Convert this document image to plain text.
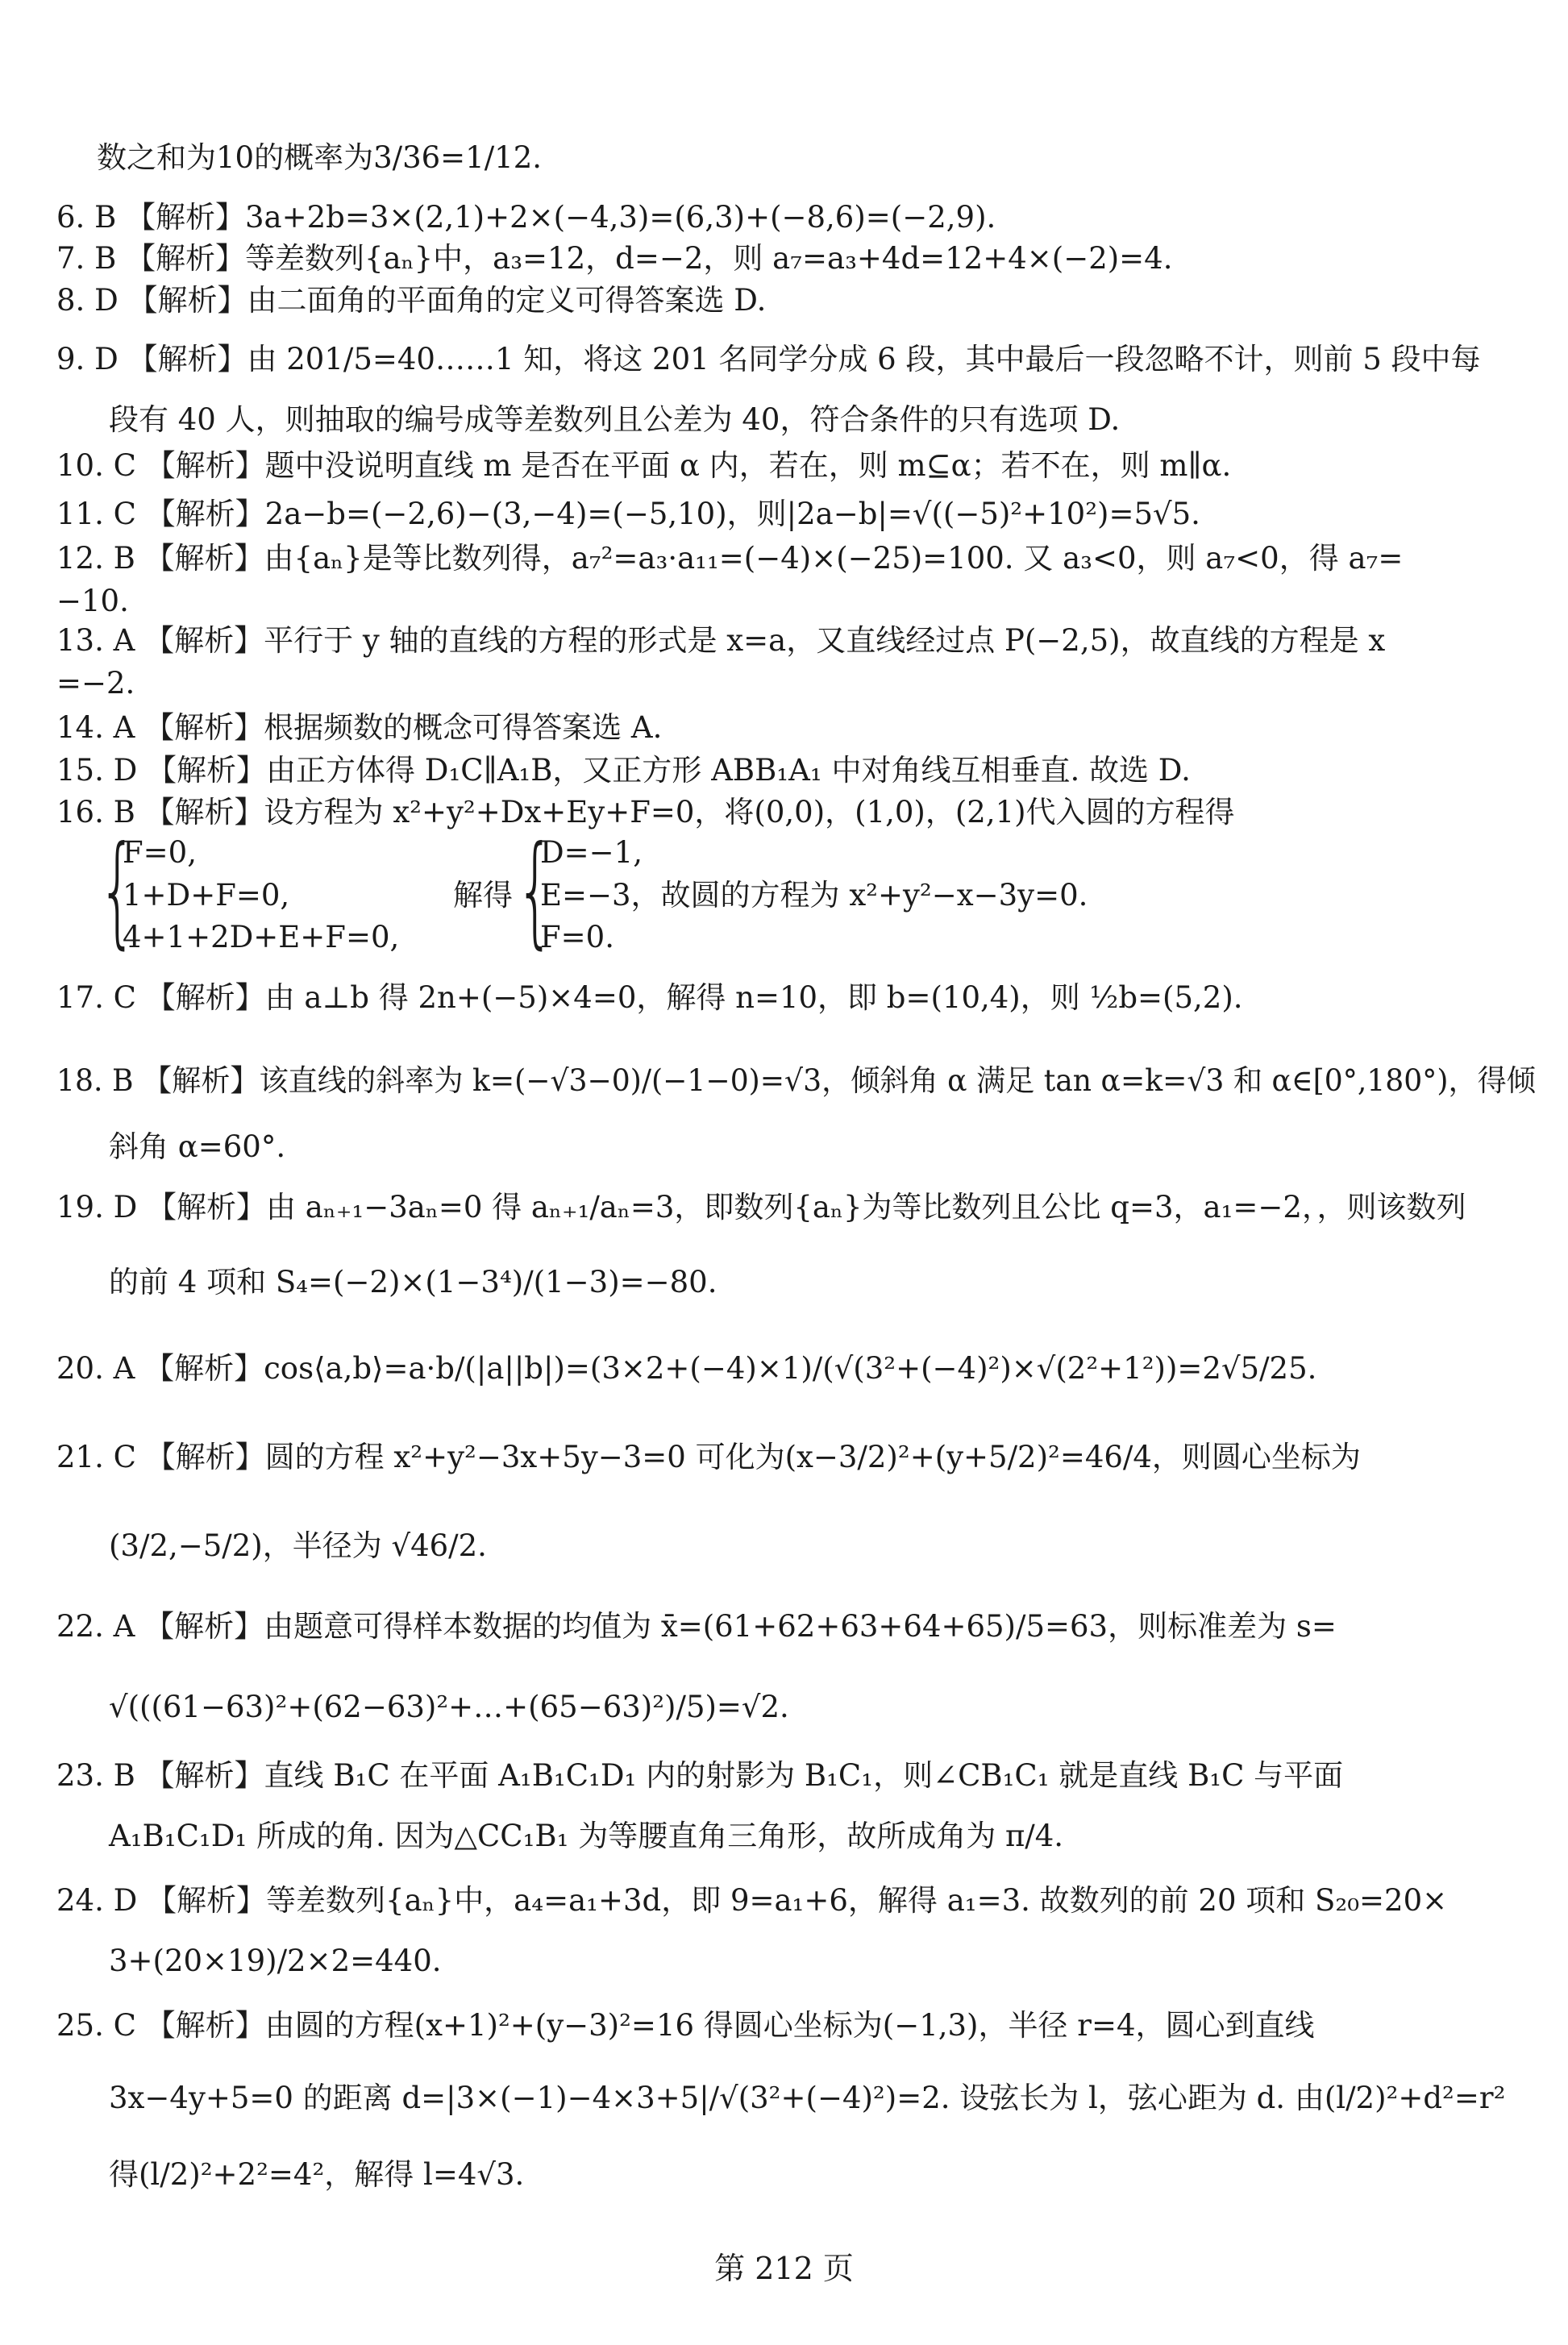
数之和为10的概率为3/36=1/12.
6. B 【解析】3a+2b=3×(2,1)+2×(−4,3)=(6,3)+(−8,6)=(−2,9).
7. B 【解析】等差数列{aₙ}中，a₃=12，d=−2，则 a₇=a₃+4d=12+4×(−2)=4.
8. D 【解析】由二面角的平面角的定义可得答案选 D.
9. D 【解析】由 201/5=40……1 知，将这 201 名同学分成 6 段，其中最后一段忽略不计，则前 5 段中每
段有 40 人，则抽取的编号成等差数列且公差为 40，符合条件的只有选项 D.
10. C 【解析】题中没说明直线 m 是否在平面 α 内，若在，则 m⊆α；若不在，则 m∥α.
11. C 【解析】2a−b=(−2,6)−(3,−4)=(−5,10)，则|2a−b|=√((−5)²+10²)=5√5.
12. B 【解析】由{aₙ}是等比数列得，a₇²=a₃·a₁₁=(−4)×(−25)=100. 又 a₃<0，则 a₇<0，得 a₇=
−10.
13. A 【解析】平行于 y 轴的直线的方程的形式是 x=a，又直线经过点 P(−2,5)，故直线的方程是 x
=−2.
14. A 【解析】根据频数的概念可得答案选 A.
15. D 【解析】由正方体得 D₁C∥A₁B，又正方形 ABB₁A₁ 中对角线互相垂直. 故选 D.
16. B 【解析】设方程为 x²+y²+Dx+Ey+F=0，将(0,0)，(1,0)，(2,1)代入圆的方程得
{
F=0,
1+D+F=0,
4+1+2D+E+F=0,
解得 {
D=−1,
E=−3，故圆的方程为 x²+y²−x−3y=0.
F=0.
17. C 【解析】由 a⊥b 得 2n+(−5)×4=0，解得 n=10，即 b=(10,4)，则 ½b=(5,2).
18. B 【解析】该直线的斜率为 k=(−√3−0)/(−1−0)=√3，倾斜角 α 满足 tan α=k=√3 和 α∈[0°,180°)，得倾
斜角 α=60°.
19. D 【解析】由 aₙ₊₁−3aₙ=0 得 aₙ₊₁/aₙ=3，即数列{aₙ}为等比数列且公比 q=3，a₁=−2，，则该数列
的前 4 项和 S₄=(−2)×(1−3⁴)/(1−3)=−80.
20. A 【解析】cos⟨a,b⟩=a·b/(|a||b|)=(3×2+(−4)×1)/(√(3²+(−4)²)×√(2²+1²))=2√5/25.
21. C 【解析】圆的方程 x²+y²−3x+5y−3=0 可化为(x−3/2)²+(y+5/2)²=46/4，则圆心坐标为
(3/2,−5/2)，半径为 √46/2.
22. A 【解析】由题意可得样本数据的均值为 x̄=(61+62+63+64+65)/5=63，则标准差为 s=
√(((61−63)²+(62−63)²+…+(65−63)²)/5)=√2.
23. B 【解析】直线 B₁C 在平面 A₁B₁C₁D₁ 内的射影为 B₁C₁，则∠CB₁C₁ 就是直线 B₁C 与平面
A₁B₁C₁D₁ 所成的角. 因为△CC₁B₁ 为等腰直角三角形，故所成角为 π/4.
24. D 【解析】等差数列{aₙ}中，a₄=a₁+3d，即 9=a₁+6，解得 a₁=3. 故数列的前 20 项和 S₂₀=20×
3+(20×19)/2×2=440.
25. C 【解析】由圆的方程(x+1)²+(y−3)²=16 得圆心坐标为(−1,3)，半径 r=4，圆心到直线
3x−4y+5=0 的距离 d=|3×(−1)−4×3+5|/√(3²+(−4)²)=2. 设弦长为 l，弦心距为 d. 由(l/2)²+d²=r²
得(l/2)²+2²=4²，解得 l=4√3.
第 212 页
